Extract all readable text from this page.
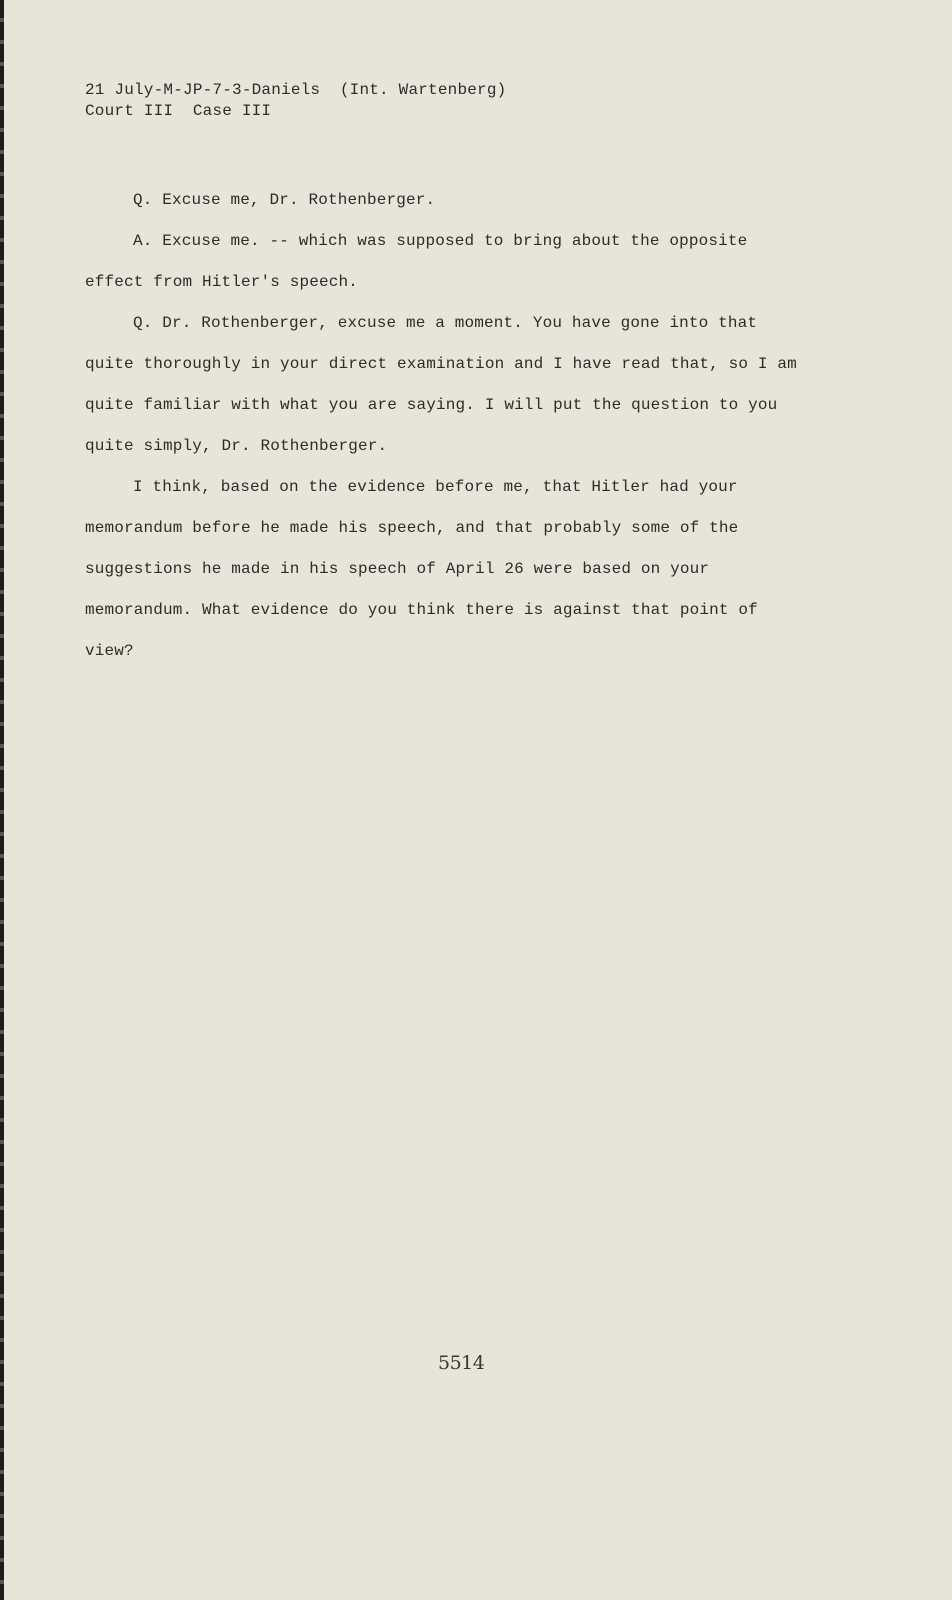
21 July-M-JP-7-3-Daniels  (Int. Wartenberg)
Court III  Case III

Q. Excuse me, Dr. Rothenberger.

A. Excuse me. -- which was supposed to bring about the opposite effect from Hitler's speech.

Q. Dr. Rothenberger, excuse me a moment. You have gone into that quite thoroughly in your direct examination and I have read that, so I am quite familiar with what you are saying. I will put the question to you quite simply, Dr. Rothenberger.

I think, based on the evidence before me, that Hitler had your memorandum before he made his speech, and that probably some of the suggestions he made in his speech of April 26 were based on your memorandum. What evidence do you think there is against that point of view?

5514
